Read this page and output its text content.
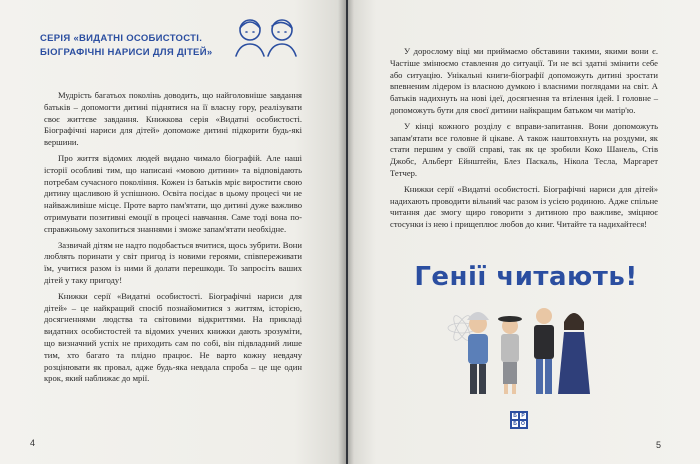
СЕРІЯ «ВИДАТНІ ОСОБИСТОСТІ. БІОГРАФІЧНІ НАРИСИ ДЛЯ ДІТЕЙ»

Мудрість багатьох поколінь доводить, що найголовніше завдання батьків – допомогти дитині піднятися на її власну гору, реалізувати своє життєве завдання. Книжкова серія «Видатні особистості. Біографічні нариси для дітей» допоможе дитині підкорити будь-які вершини.

Про життя відомих людей видано чимало біографій. Але наші історії особливі тим, що написані «мовою дитини» та відповідають потребам сучасного покоління. Кожен із батьків мріє виростити свою дитину щасливою й успішною. Освіта посідає в цьому процесі чи не найважливіше місце. Проте варто пам'ятати, що дитині дуже важливо отримувати позитивні емоції в процесі навчання. Саме тоді вона по-справжньому захопиться знаннями і зможе запам'ятати необхідне.

Зазвичай дітям не надто подобається вчитися, щось зубрити. Вони люблять поринати у світ пригод із новими героями, співпереживати їм, учитися разом із ними й долати перешкоди. То запросіть ваших дітей у таку пригоду!

Книжки серії «Видатні особистості. Біографічні нариси для дітей» – це найкращий спосіб познайомитися з життям, історією, досягненнями людства та світовими відкриттями. На прикладі видатних особистостей та відомих учених книжки дають зрозуміти, що визначний успіх не приходить сам по собі, він підвладний лише тим, хто багато та плідно працює. Не варто кожну невдачу розцінювати як провал, адже будь-яка невдала спроба – це ще один крок, який наближає до мрії.

4

У дорослому віці ми приймаємо обставини такими, якими вони є. Частіше змінюємо ставлення до ситуації. Ти не всі здатні змінити себе або ситуацію. Унікальні книги-біографії допоможуть дитині зростати впевненим лідером із власною думкою і власними поглядами на світ. А батьків надихнуть на нові ідеї, досягнення та втілення ідей. І головне – допоможуть бути для своєї дитини найкращим батьком чи матір'ю.

У кінці кожного розділу є вправи-запитання. Вони допоможуть запам'ятати все головне й цікаве. А також наштовхнуть на роздуми, як стати першим у своїй справі, так як це зробили Коко Шанель, Стів Джобс, Альберт Ейнштейн, Блез Паскаль, Нікола Тесла, Маргарет Тетчер.

Книжки серії «Видатні особистості. Біографічні нариси для дітей» надихають проводити вільний час разом із усією родиною. Адже спільне читання дає змогу щиро говорити з дитиною про важливе, зміцнює стосунки із нею і прищеплює любов до книг. Читайте та надихайтеся!

Генії читають!
Б Р
Б О
5
